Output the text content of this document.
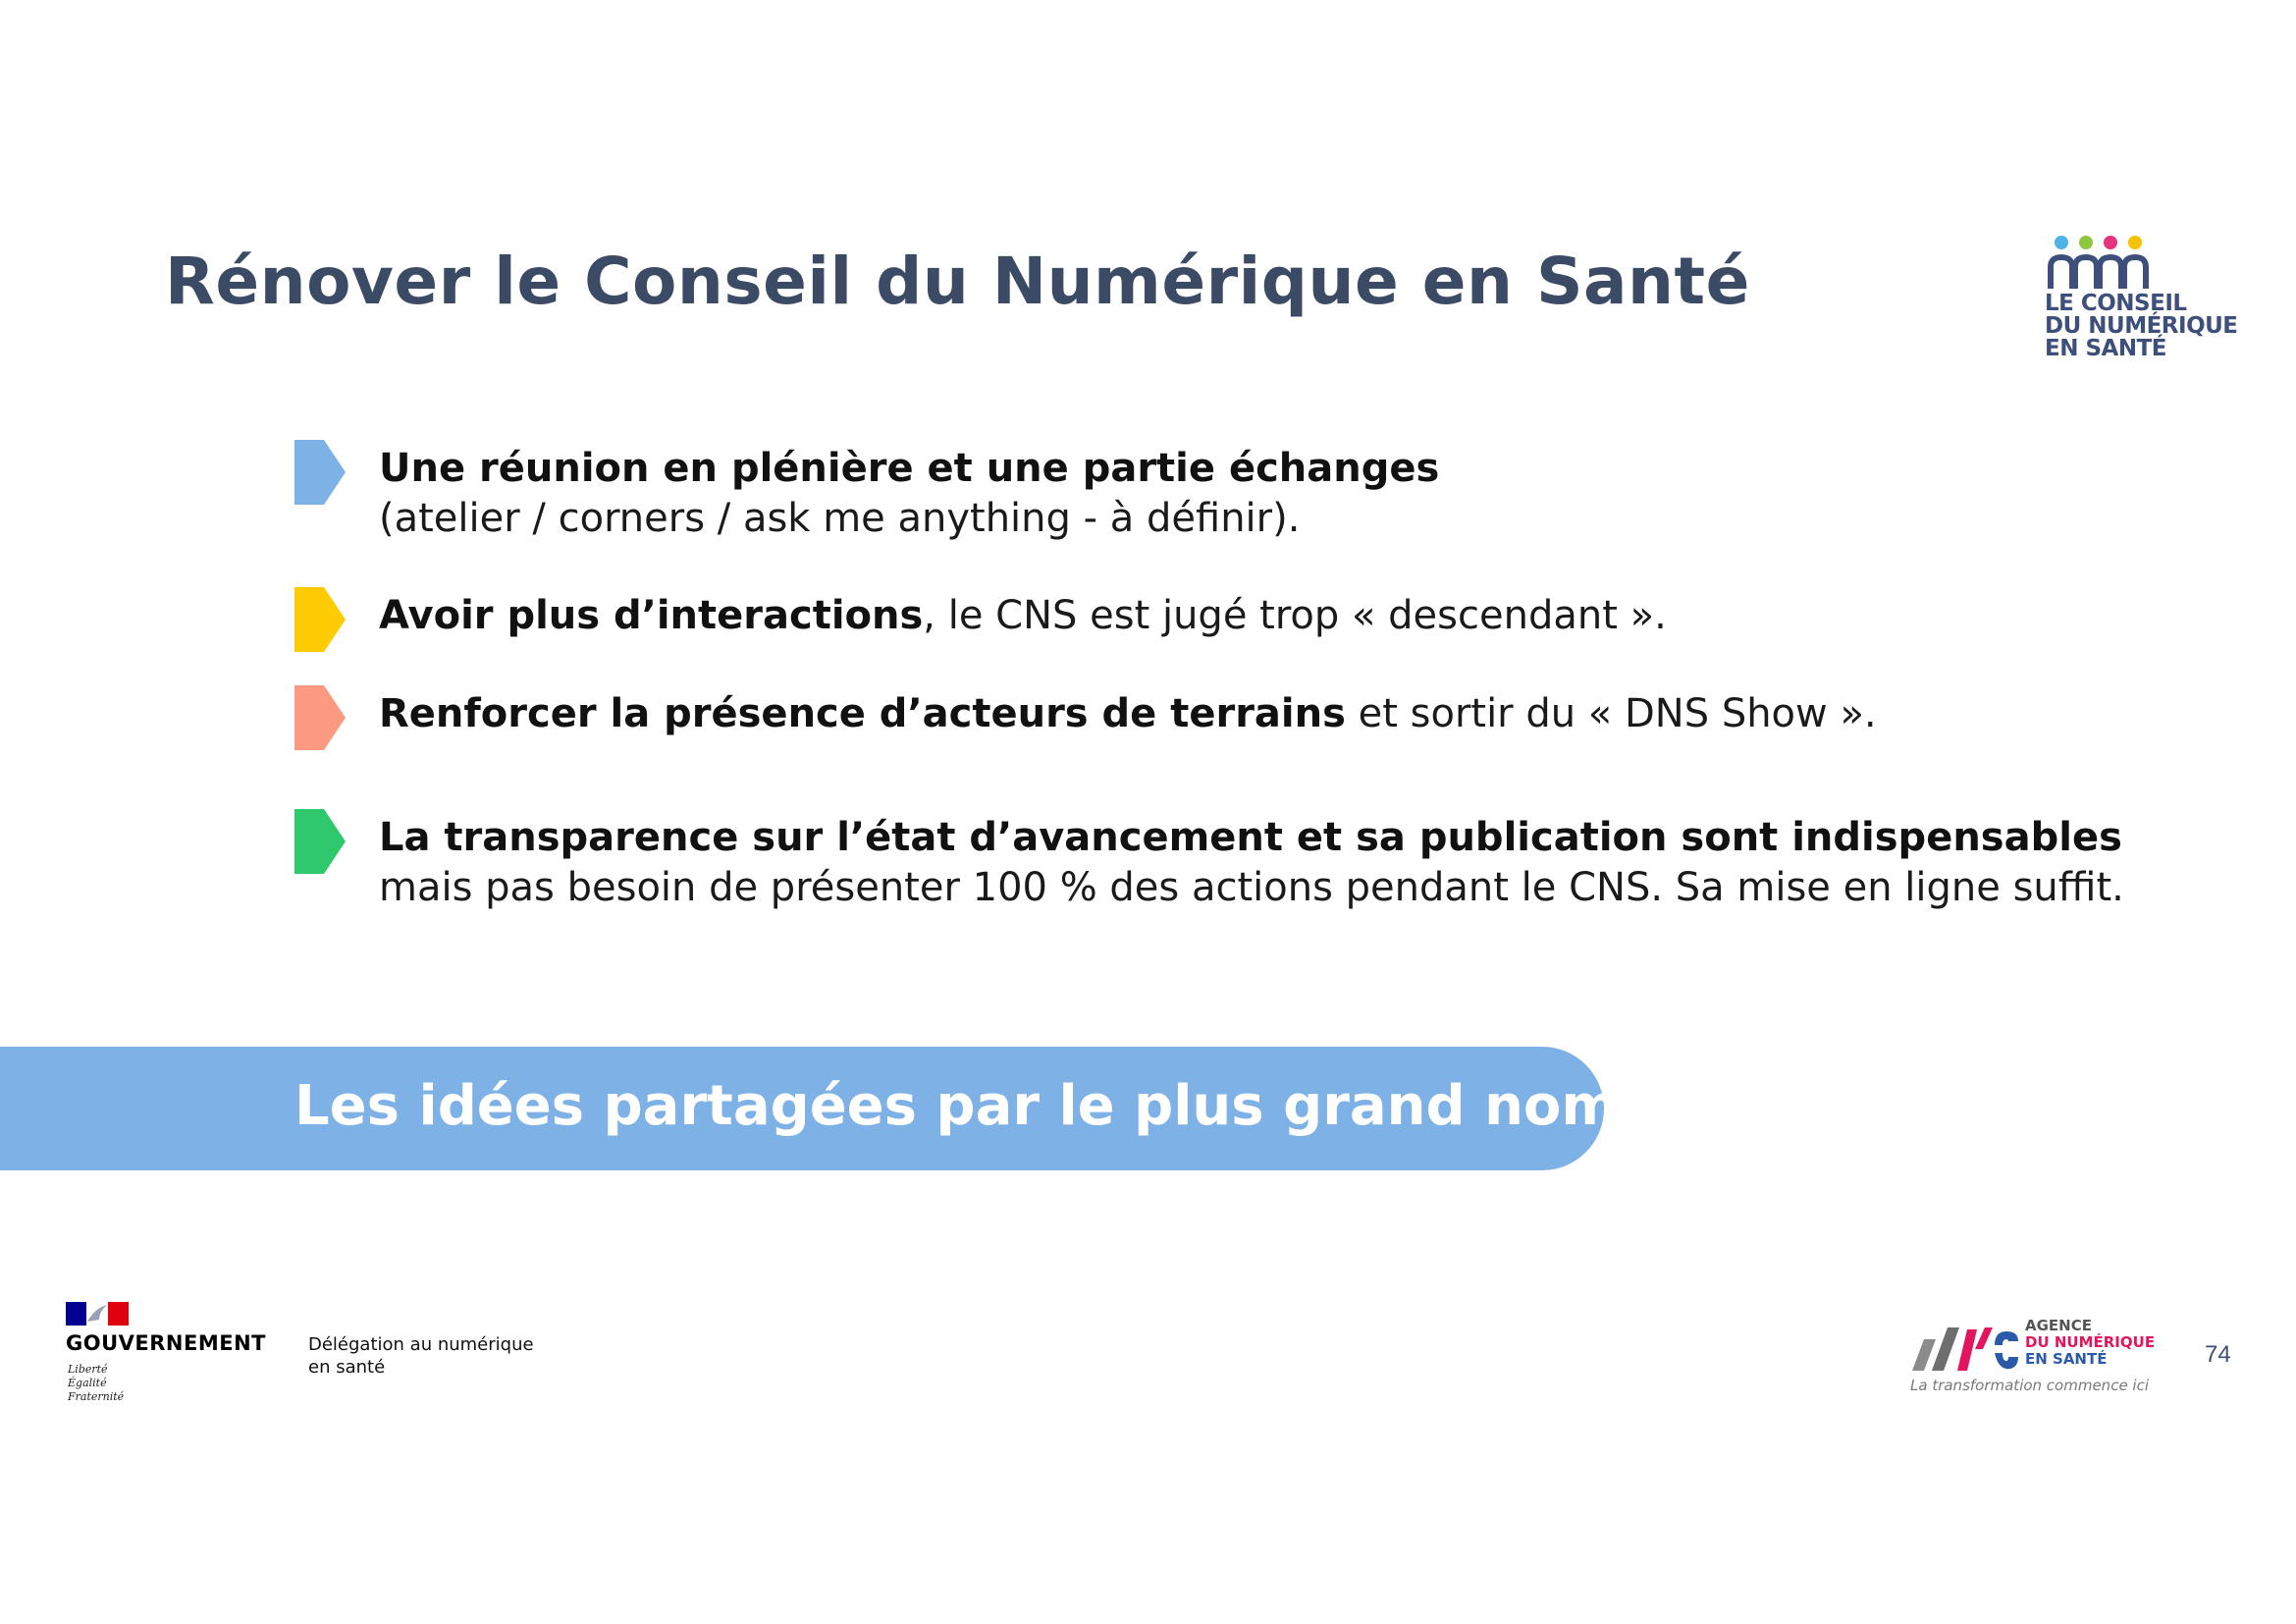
Rénover le Conseil du Numérique en Santé	LE CONSEIL
DU NUMÉRIQUE
EN SANTÉ
Une réunion en plénière et une partie échanges
(atelier / corners / ask me anything - à définir).
Avoir plus d’interactions, le CNS est jugé trop « descendant ».
Renforcer la présence d’acteurs de terrains et sortir du « DNS Show ».
La transparence sur l’état d’avancement et sa publication sont indispensables mais pas besoin de présenter 100 % des actions pendant le CNS. Sa mise en ligne suffit.
Les idées partagées par le plus grand nombre
GOUVERNEMENT
Liberté
Égalité
Fraternité
Délégation au numérique
en santé
AGENCE
DU NUMÉRIQUE
EN SANTÉ
La transformation commence ici
74
